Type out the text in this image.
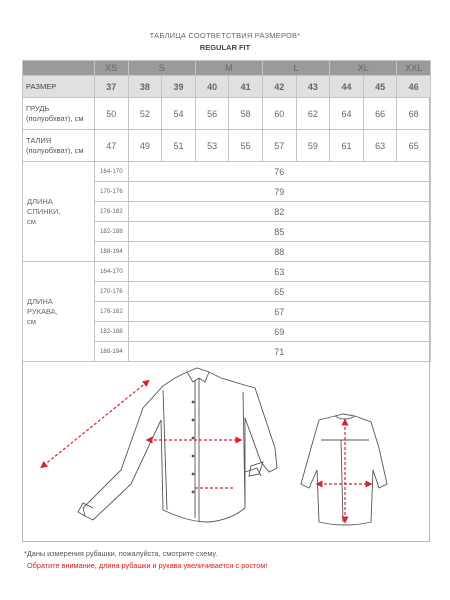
ТАБЛИЦА СООТВЕТСТВИЯ РАЗМЕРОВ*
REGULAR FIT
	XS	S		M		L		XL		XXL
РАЗМЕР	37	38	39	40	41	42	43	44	45	46
ГРУДЬ (полуобхват), см	50	52	54	56	58	60	62	64	66	68
ТАЛИЯ (полуобхват), см	47	49	51	53	55	57	59	61	63	65
ДЛИНА СПИНКИ, см	164-170	76								
	170-176	79								
	176-182	82								
	182-188	85								
	188-194	88								
ДЛИНА РУКАВА, см	164-170	63								
	170-176	65								
	176-182	67								
	182-188	69								
	188-194	71								
*Даны измерения рубашки, пожалуйста, смотрите схему.
Обратите внимание, длина рубашки и рукава увеличивается с ростом!
